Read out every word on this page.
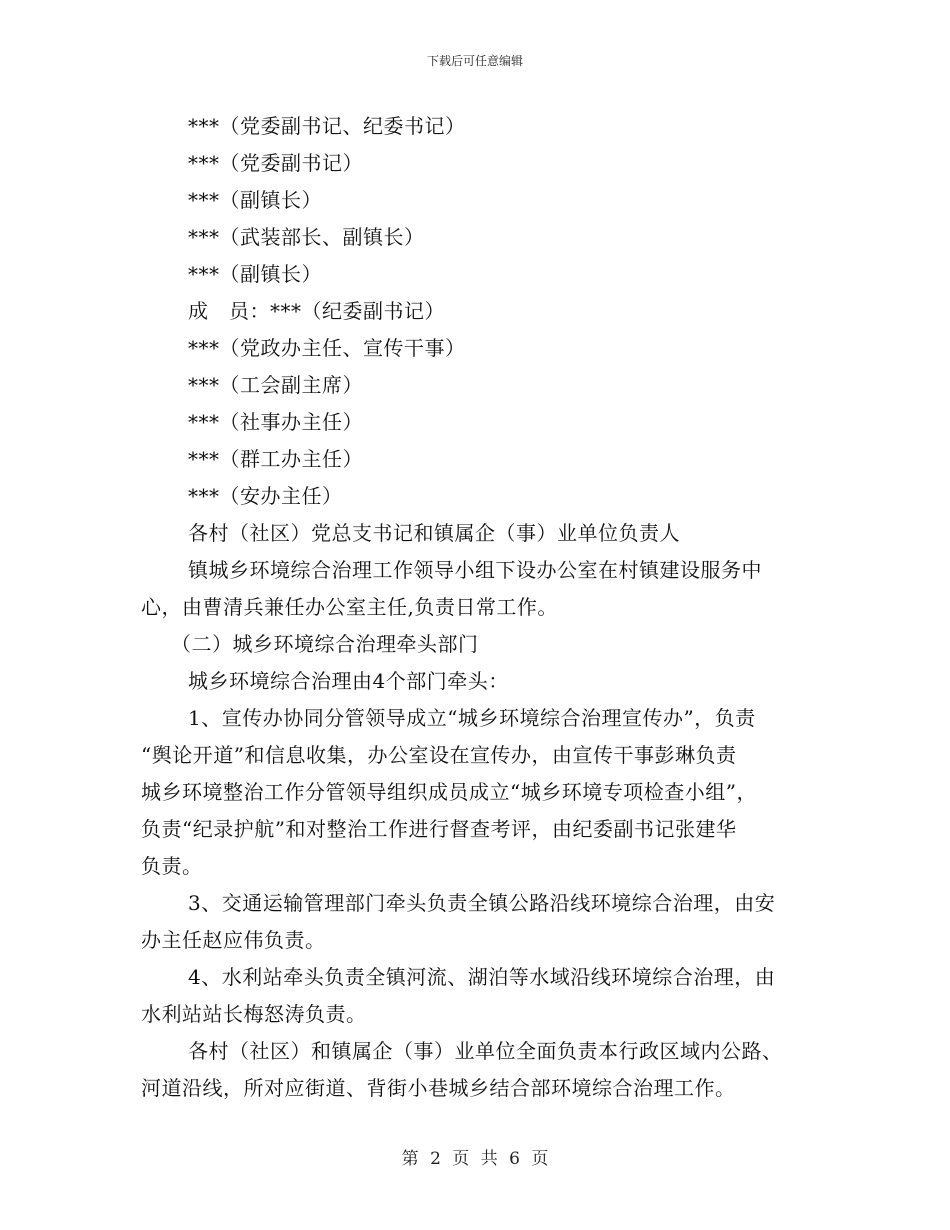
下载后可任意编辑
***（党委副书记、纪委书记）
***（党委副书记）
***（副镇长）
***（武装部长、副镇长）
***（副镇长）
成　员：***（纪委副书记）
***（党政办主任、宣传干事）
***（工会副主席）
***（社事办主任）
***（群工办主任）
***（安办主任）
各村（社区）党总支书记和镇属企（事）业单位负责人
镇城乡环境综合治理工作领导小组下设办公室在村镇建设服务中
心，由曹清兵兼任办公室主任,负责日常工作。
（二）城乡环境综合治理牵头部门
城乡环境综合治理由4个部门牵头：
1、宣传办协同分管领导成立“城乡环境综合治理宣传办”，负责
“舆论开道”和信息收集，办公室设在宣传办，由宣传干事彭琳负责
城乡环境整治工作分管领导组织成员成立“城乡环境专项检查小组”，
负责“纪录护航”和对整治工作进行督查考评，由纪委副书记张建华
负责。
3、交通运输管理部门牵头负责全镇公路沿线环境综合治理，由安
办主任赵应伟负责。
4、水利站牵头负责全镇河流、湖泊等水域沿线环境综合治理，由
水利站站长梅怒涛负责。
各村（社区）和镇属企（事）业单位全面负责本行政区域内公路、
河道沿线，所对应街道、背街小巷城乡结合部环境综合治理工作。
第 2 页 共 6 页
